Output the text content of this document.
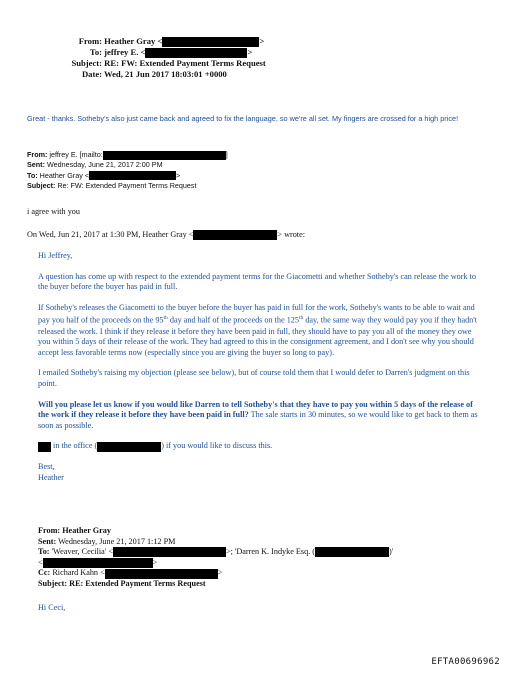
From: Heather Gray <	>
To: jeffrey E. <	>
Subject: RE: FW: Extended Payment Terms Request
Date: Wed, 21 Jun 2017 18:03:01 +0000
Great - thanks. Sotheby's also just came back and agreed to fix the language, so we're all set. My fingers are crossed for a high price!
From: jeffrey E. [mailto:	]
Sent: Wednesday, June 21, 2017 2:00 PM
To: Heather Gray <	>
Subject: Re: FW: Extended Payment Terms Request
i agree with you
On Wed, Jun 21, 2017 at 1:30 PM, Heather Gray <	> wrote:
Hi Jeffrey,
A question has come up with respect to the extended payment terms for the Giacometti and whether Sotheby's can release the work to the buyer before the buyer has paid in full.
If Sotheby's releases the Giacometti to the buyer before the buyer has paid in full for the work, Sotheby's wants to be able to wait and pay you half of the proceeds on the 95th day and half of the proceeds on the 125th day, the same way they would pay you if they hadn't released the work. I think if they release it before they have been paid in full, they should have to pay you all of the money they owe you within 5 days of their release of the work. They had agreed to this in the consignment agreement, and I don't see why you should accept less favorable terms now (especially since you are giving the buyer so long to pay).
I emailed Sotheby's raising my objection (please see below), but of course told them that I would defer to Darren's judgment on this point.
Will you please let us know if you would like Darren to tell Sotheby's that they have to pay you within 5 days of the release of the work if they release it before they have been paid in full? The sale starts in 30 minutes, so we would like to get back to them as soon as possible.
in the office (	) if you would like to discuss this.
Best,
Heather
From: Heather Gray
Sent: Wednesday, June 21, 2017 1:12 PM
To: 'Weaver, Cecilia' <	>; 'Darren K. Indyke Esq. (	)'
<	>
Cc: Richard Kahn <	>
Subject: RE: Extended Payment Terms Request
Hi Ceci,
EFTA00696962
